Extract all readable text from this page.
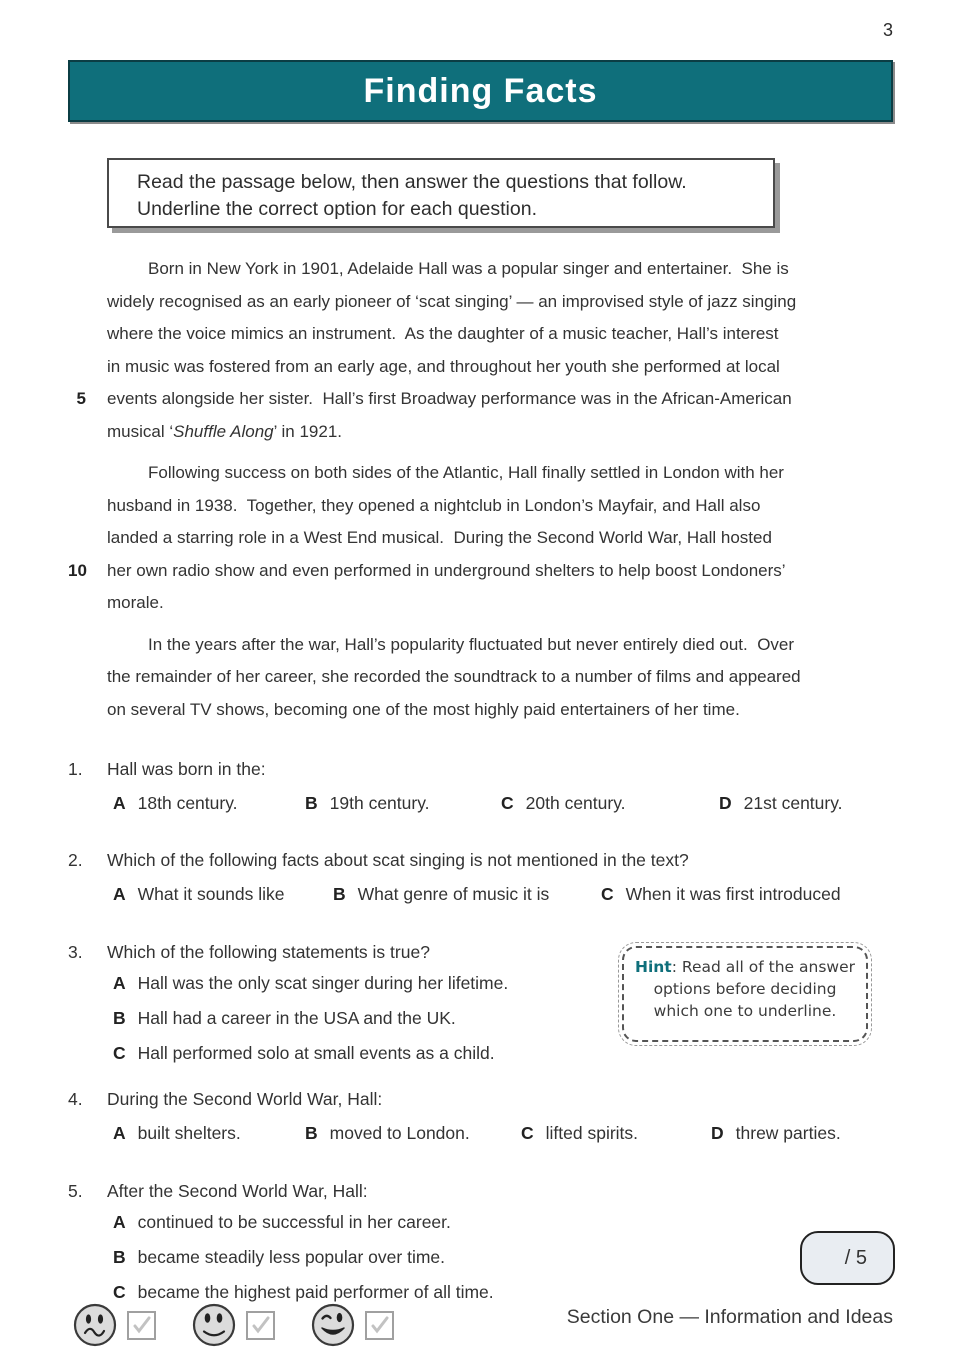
3
Finding Facts
Read the passage below, then answer the questions that follow.
Underline the correct option for each question.
Born in New York in 1901, Adelaide Hall was a popular singer and entertainer.  She is
widely recognised as an early pioneer of ‘scat singing’ — an improvised style of jazz singing
where the voice mimics an instrument.  As the daughter of a music teacher, Hall’s interest
in music was fostered from an early age, and throughout her youth she performed at local
5 events alongside her sister.  Hall’s first Broadway performance was in the African-American
musical ‘Shuffle Along’ in 1921.
Following success on both sides of the Atlantic, Hall finally settled in London with her
husband in 1938.  Together, they opened a nightclub in London’s Mayfair, and Hall also
landed a starring role in a West End musical.  During the Second World War, Hall hosted
10 her own radio show and even performed in underground shelters to help boost Londoners’
morale.
In the years after the war, Hall’s popularity fluctuated but never entirely died out.  Over
the remainder of her career, she recorded the soundtrack to a number of films and appeared
on several TV shows, becoming one of the most highly paid entertainers of her time.
1.	Hall was born in the:
A 18th century.	B 19th century.	C 20th century.	D 21st century.
2.	Which of the following facts about scat singing is not mentioned in the text?
A What it sounds like	B What genre of music it is	C When it was first introduced
3.	Which of the following statements is true?
A Hall was the only scat singer during her lifetime.
B Hall had a career in the USA and the UK.
C Hall performed solo at small events as a child.
4.	During the Second World War, Hall:
A built shelters.	B moved to London.	C lifted spirits.	D threw parties.
5.	After the Second World War, Hall:
A continued to be successful in her career.
B became steadily less popular over time.
C became the highest paid performer of all time.
Hint: Read all of the answer
options before deciding
which one to underline.
/ 5
Section One — Information and Ideas
